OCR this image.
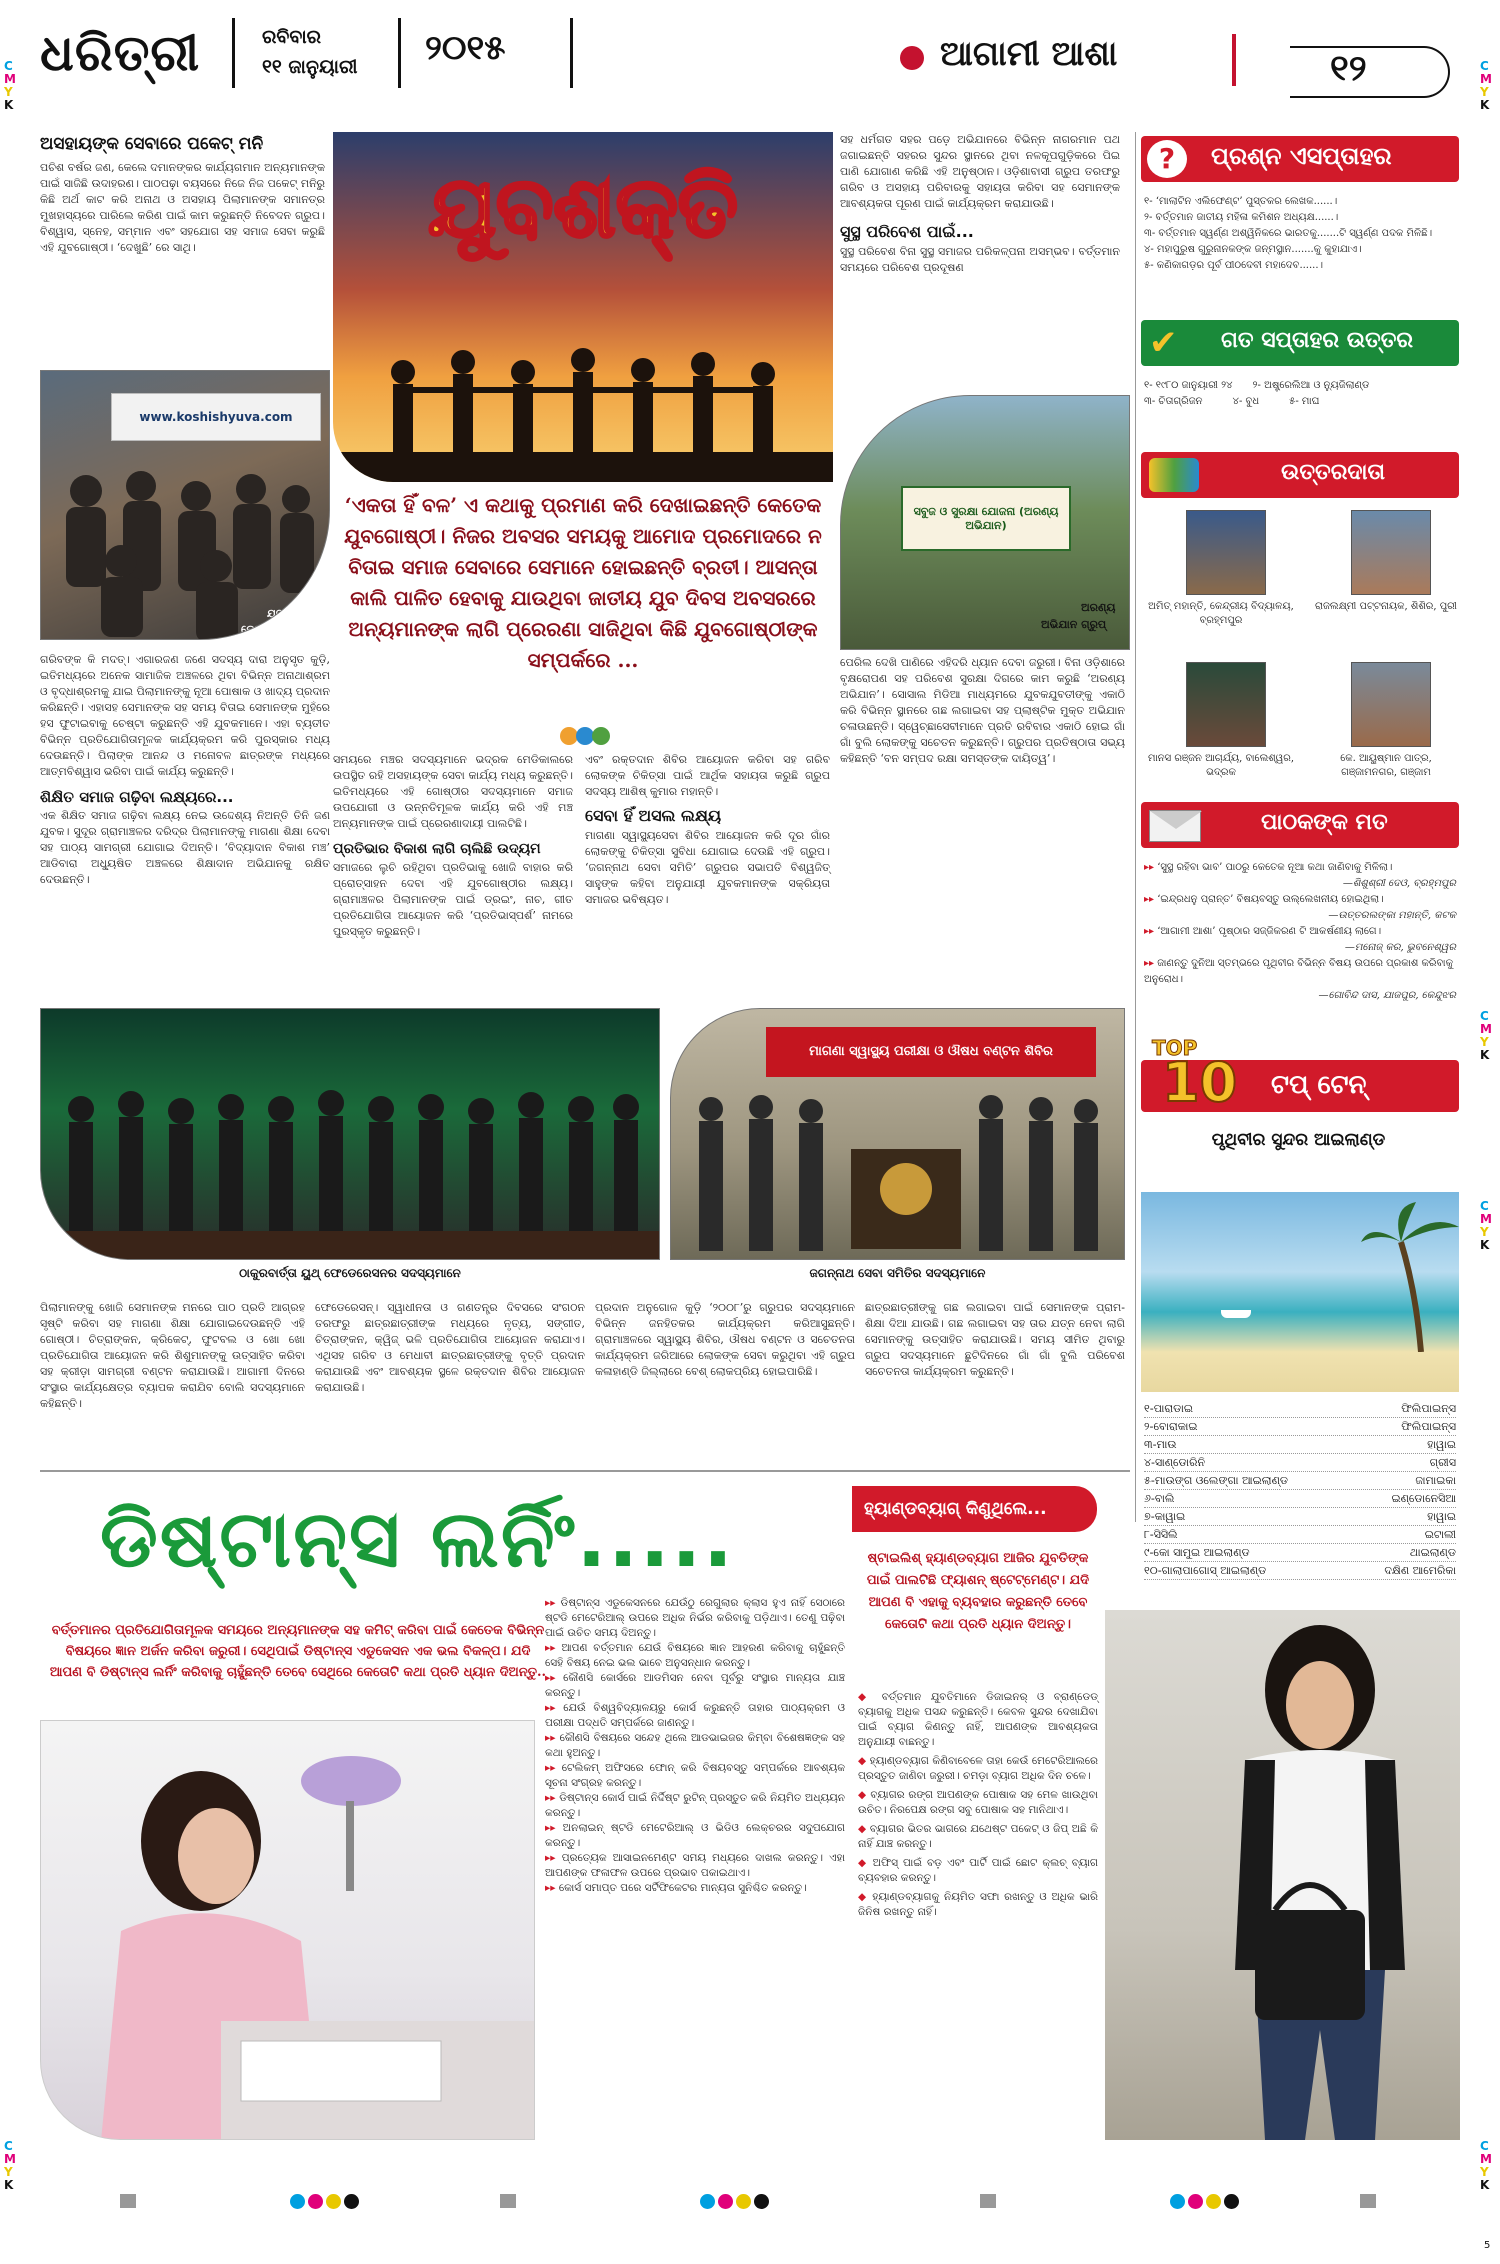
ଧରିତ୍ରୀ	ରବିବାର
୧୧ ଜାନୁୟାରୀ ୨୦୧୫	ଆଗାମୀ ଆଶା	୧୨
C
M
Y
K
C
M
Y
K
C
M
Y
K
C
M
Y
K
C
M
Y
K
C
M
Y
K
ଅସହାୟଙ୍କ ସେବାରେ ପକେଟ୍ ମନି
ପଚିଶ ବର୍ଷର ଜଣ, କେଲେ ଦମାନଙ୍କର କାର୍ଯ୍ୟଗମାନ ଅନ୍ୟମାନଙ୍କ ପାଇଁ ସାଜିଛି ଉଦାହରଣ। ପାଠପଢ଼ା ବୟସରେ ନିଜେ ନିଜ ପକେଟ୍ ମନିରୁ କିଛି ଅର୍ଥ କାଟ କରି ଅନାଥ ଓ ଅସହାୟ ପିଲାମାନଙ୍କ ସମାନତ୍ର ମୁଖହାସ୍ୟରେ ପାରିଲେ କରିଣ ପାଇଁ କାମ କରୁଛନ୍ତି ନିବେଦନ ଗ୍ରୁପ। ବିଶ୍ୱାସ, ସ୍ନେହ, ସମ୍ମାନ ଏବଂ ସହଯୋଗ ସହ ସମାଜ ସେବା କରୁଛି ଏହି ଯୁବଗୋଷ୍ଠୀ। ‘ଦେଖୁଛି’ ରେ ସାଥି।
www.koshishyuva.com
ଯୁବା
କୋଶିଶ୍ ଗ୍ରୁପ୍
ଯୁବଶକ୍ତି
‘ଏକତା ହିଁ ବଳ’ ଏ କଥାକୁ ପ୍ରମାଣ କରି ଦେଖାଇଛନ୍ତି କେତେକ ଯୁବଗୋଷ୍ଠୀ। ନିଜର ଅବସର ସମୟକୁ ଆମୋଦ ପ୍ରମୋଦରେ ନ ବିତାଇ ସମାଜ ସେବାରେ ସେମାନେ ହୋଇଛନ୍ତି ବ୍ରତୀ। ଆସନ୍ତା କାଲି ପାଳିତ ହେବାକୁ ଯାଉଥିବା ଜାତୀୟ ଯୁବ ଦିବସ ଅବସରରେ ଅନ୍ୟମାନଙ୍କ ଲାଗି ପ୍ରେରଣା ସାଜିଥିବା କିଛି ଯୁବଗୋଷ୍ଠୀଙ୍କ ସମ୍ପର୍କରେ ...
ସହ ଧର୍ମଗତ ସହର ପଡ଼େ ଅଭିଯାନରେ ବିଭିନ୍ନ ନାଗରମାନ ପଥ ଜଗାଇଛନ୍ତି ସହରର ସୁନ୍ଦର ସ୍ଥାନରେ ଥିବା ନଳକୂପଗୁଡ଼ିକରେ ପିଇ ପାଣି ଯୋଗାଣ କରିଛି ଏହି ଅନୁଷ୍ଠାନ। ଓଡ଼ିଶାବାସୀ ଗ୍ରୁପ ତରଫରୁ ଗରିବ ଓ ଅସହାୟ ପରିବାରକୁ ସହାୟତା କରିବା ସହ ସେମାନଙ୍କ ଆବଶ୍ୟକତା ପୂରଣ ପାଇଁ କାର୍ଯ୍ୟକ୍ରମ କରାଯାଉଛି।
ସୁସ୍ଥ ପରିବେଶ ପାଇଁ...
ସୁସ୍ଥ ପରିବେଶ ବିନା ସୁସ୍ଥ ସମାଜର ପରିକଳ୍ପନା ଅସମ୍ଭବ। ବର୍ତ୍ତମାନ ସମୟରେ ପରିବେଶ ପ୍ରଦୂଷଣ
ସବୁଜ ଓ ସୁରକ୍ଷା ଯୋଜନା (ଅରଣ୍ୟ ଅଭିଯାନ)
ଅରଣ୍ୟ
ଅଭିଯାନ ଗ୍ରୁପ୍
ଗରିବଙ୍କ କି ମଦତ୍। ଏଗାରଜଣ ଜଣେ ସଦସ୍ୟ ଦାରା ଅନୁସୃତ କୁଡ଼ି, ଇତିମଧ୍ୟରେ ଅନେକ ସାମାଜିକ ଅଞ୍ଚଳରେ ଥିବା ବିଭିନ୍ନ ଅନାଥାଶ୍ରମ ଓ ବୃଦ୍ଧାଶ୍ରମକୁ ଯାଇ ପିଲାମାନଙ୍କୁ ନୂଆ ପୋଷାକ ଓ ଖାଦ୍ୟ ପ୍ରଦାନ କରିଛନ୍ତି। ଏହାସହ ସେମାନଙ୍କ ସହ ସମୟ ବିତାଇ ସେମାନଙ୍କ ମୁହଁରେ ହସ ଫୁଟାଇବାକୁ ଚେଷ୍ଟା କରୁଛନ୍ତି ଏହି ଯୁବକମାନେ। ଏହା ବ୍ୟତୀତ ବିଭିନ୍ନ ପ୍ରତିଯୋଗିତାମୂଳକ କାର୍ଯ୍ୟକ୍ରମ କରି ପୁରସ୍କାର ମଧ୍ୟ ଦେଉଛନ୍ତି। ପିଲାଙ୍କ ଆନନ୍ଦ ଓ ମନୋବଳ ଛାତ୍ରଙ୍କ ମଧ୍ୟରେ ଆତ୍ମବିଶ୍ୱାସ ଭରିବା ପାଇଁ କାର୍ଯ୍ୟ କରୁଛନ୍ତି।
ଶିକ୍ଷିତ ସମାଜ ଗଢ଼ିବା ଲକ୍ଷ୍ୟରେ...
ଏକ ଶିକ୍ଷିତ ସମାଜ ଗଢ଼ିବା ଲକ୍ଷ୍ୟ ନେଇ ଉଦ୍ଦେଶ୍ୟ ନିଅନ୍ତି ତିନି ଜଣ ଯୁବକ। ସୁଦୂର ଗ୍ରାମାଞ୍ଚଳର ଦରିଦ୍ର ପିଲାମାନଙ୍କୁ ମାଗଣା ଶିକ୍ଷା ଦେବା ସହ ପାଠ୍ୟ ସାମଗ୍ରୀ ଯୋଗାଇ ଦିଅନ୍ତି। ‘ବିଦ୍ୟାଦାନ ବିକାଶ ମଞ୍ଚ’ ଆଡିବାରା ଅଧ୍ୟୁଷିତ ଅଞ୍ଚଳରେ ଶିକ୍ଷାଦାନ ଅଭିଯାନକୁ ରକ୍ଷିତ ଦେଉଛନ୍ତି।
ସମୟରେ ମଞ୍ଚର ସଦସ୍ୟମାନେ ଭଦ୍ରକ ମେଡିକାଲରେ ଉପସ୍ଥିତ ରହି ଅସହାୟଙ୍କ ସେବା କାର୍ଯ୍ୟ ମଧ୍ୟ କରୁଛନ୍ତି। ଇତିମଧ୍ୟରେ ଏହି ଗୋଷ୍ଠୀର ସଦସ୍ୟମାନେ ସମାଜ ଉପଯୋଗୀ ଓ ଉନ୍ନତିମୂଳକ କାର୍ଯ୍ୟ କରି ଏହି ମଞ୍ଚ ଅନ୍ୟମାନଙ୍କ ପାଇଁ ପ୍ରେରଣାଦାୟୀ ପାଲଟିଛି।
ପ୍ରତିଭାର ବିକାଶ ଲାଗି ଚାଲିଛି ଉଦ୍ୟମ
ସମାଜରେ ଲୁଚି ରହିଥିବା ପ୍ରତିଭାକୁ ଖୋଜି ବାହାର କରି ପ୍ରୋତ୍ସାହନ ଦେବା ଏହି ଯୁବଗୋଷ୍ଠୀର ଲକ୍ଷ୍ୟ। ଗ୍ରାମାଞ୍ଚଳର ପିଲାମାନଙ୍କ ପାଇଁ ଡ୍ରଇଂ, ନାଚ, ଗୀତ ପ୍ରତିଯୋଗିତା ଆୟୋଜନ କରି ‘ପ୍ରତିଭାସ୍ପର୍ଶ’ ନାମରେ ପୁରସ୍କୃତ କରୁଛନ୍ତି।
ଏବଂ ରକ୍ତଦାନ ଶିବିର ଆୟୋଜନ କରିବା ସହ ଗରିବ ଲୋକଙ୍କ ଚିକିତ୍ସା ପାଇଁ ଆର୍ଥିକ ସହାୟତା କରୁଛି ଗ୍ରୁପ ସଦସ୍ୟ ଆଶିଷ୍ କୁମାର ମହାନ୍ତି।
ସେବା ହିଁ ଅସଲ ଲକ୍ଷ୍ୟ
ମାଗଣା ସ୍ୱାସ୍ଥ୍ୟସେବା ଶିବିର ଆୟୋଜନ କରି ଦୂର ଗାଁର ଲୋକଙ୍କୁ ଚିକିତ୍ସା ସୁବିଧା ଯୋଗାଇ ଦେଉଛି ଏହି ଗ୍ରୁପ। ‘ଜଗନ୍ନାଥ ସେବା ସମିତି’ ଗ୍ରୁପର ସଭାପତି ବିଶ୍ୱଜିତ୍ ସାହୁଙ୍କ କହିବା ଅନୁଯାୟୀ ଯୁବକମାନଙ୍କ ସକ୍ରିୟତା ସମାଜର ଭବିଷ୍ୟତ।
ପେରିଲ ଦେଖି ପାଣିରେ ଏହିଦରି ଧ୍ୟାନ ଦେବା ଜରୁରୀ। ବିନା ଓଡ଼ିଶାରେ ବୃକ୍ଷରୋପଣ ସହ ପରିବେଶ ସୁରକ୍ଷା ଦିଗରେ କାମ କରୁଛି ‘ଅରଣ୍ୟ ଅଭିଯାନ’। ସୋସାଲ ମିଡିଆ ମାଧ୍ୟମରେ ଯୁବକଯୁବତୀଙ୍କୁ ଏକାଠି କରି ବିଭିନ୍ନ ସ୍ଥାନରେ ଗଛ ଲଗାଇବା ସହ ପ୍ଲାଷ୍ଟିକ ମୁକ୍ତ ଅଭିଯାନ ଚଳାଉଛନ୍ତି। ସ୍ୱେଚ୍ଛାସେବୀମାନେ ପ୍ରତି ରବିବାର ଏକାଠି ହୋଇ ଗାଁ ଗାଁ ବୁଲି ଲୋକଙ୍କୁ ସଚେତନ କରୁଛନ୍ତି। ଗ୍ରୁପର ପ୍ରତିଷ୍ଠାତା ସଭ୍ୟ କହିଛନ୍ତି ‘ବନ ସମ୍ପଦ ରକ୍ଷା ସମସ୍ତଙ୍କ ଦାୟିତ୍ୱ’।
ଠାକୁରବାର୍ତ୍ତା ୟୁଥ୍ ଫେଡେରେସନର ସଦସ୍ୟମାନେ
ମାଗଣା ସ୍ୱାସ୍ଥ୍ୟ ପରୀକ୍ଷା ଓ ଔଷଧ ବଣ୍ଟନ ଶିବିର
ଜଗନ୍ନାଥ ସେବା ସମିତିର ସଦସ୍ୟମାନେ
ପିଲାମାନଙ୍କୁ ଖୋଜି ସେମାନଙ୍କ ମନରେ ପାଠ ପ୍ରତି ଆଗ୍ରହ ସୃଷ୍ଟି କରିବା ସହ ମାଗଣା ଶିକ୍ଷା ଯୋଗାଇଦେଉଛନ୍ତି ଏହି ଗୋଷ୍ଠୀ। ଚିତ୍ରାଙ୍କନ, କ୍ରିକେଟ୍, ଫୁଟବଲ ଓ ଖୋ ଖୋ ପ୍ରତିଯୋଗିତା ଆୟୋଜନ କରି ଶିଶୁମାନଙ୍କୁ ଉତ୍ସାହିତ କରିବା ସହ କ୍ରୀଡ଼ା ସାମଗ୍ରୀ ବଣ୍ଟନ କରାଯାଉଛି। ଆଗାମୀ ଦିନରେ ସଂସ୍ଥାର କାର୍ଯ୍ୟକ୍ଷେତ୍ର ବ୍ୟାପକ କରାଯିବ ବୋଲି ସଦସ୍ୟମାନେ କହିଛନ୍ତି।
ଫେଡେରେସନ୍। ସ୍ୱାଧୀନତା ଓ ଗଣତନ୍ତ୍ର ଦିବସରେ ସଂଗଠନ ତରଫରୁ ଛାତ୍ରଛାତ୍ରୀଙ୍କ ମଧ୍ୟରେ ନୃତ୍ୟ, ସଙ୍ଗୀତ, ଚିତ୍ରାଙ୍କନ, କ୍ୱିଜ୍ ଭଳି ପ୍ରତିଯୋଗିତା ଆୟୋଜନ କରାଯାଏ। ଏଥିସହ ଗରିବ ଓ ମେଧାବୀ ଛାତ୍ରଛାତ୍ରୀଙ୍କୁ ବୃତ୍ତି ପ୍ରଦାନ କରାଯାଉଛି ଏବଂ ଆବଶ୍ୟକ ସ୍ଥଳେ ରକ୍ତଦାନ ଶିବିର ଆୟୋଜନ କରାଯାଉଛି।
ପ୍ରଦାନ ଅନୁଗୋଳ କୁଡ଼ି ‘୨୦୦୮’ରୁ ଗ୍ରୁପର ସଦସ୍ୟମାନେ ବିଭିନ୍ନ ଜନହିତକର କାର୍ଯ୍ୟକ୍ରମ କରିଆସୁଛନ୍ତି। ଗ୍ରାମାଞ୍ଚଳରେ ସ୍ୱାସ୍ଥ୍ୟ ଶିବିର, ଔଷଧ ବଣ୍ଟନ ଓ ସଚେତନତା କାର୍ଯ୍ୟକ୍ରମ ଜରିଆରେ ଲୋକଙ୍କ ସେବା କରୁଥିବା ଏହି ଗ୍ରୁପ କଳାହାଣ୍ଡି ଜିଲ୍ଲାରେ ବେଶ୍ ଲୋକପ୍ରିୟ ହୋଇପାରିଛି।
ଛାତ୍ରଛାତ୍ରୀଙ୍କୁ ଗଛ ଲଗାଇବା ପାଇଁ ସେମାନଙ୍କ ପ୍ରାମ-ଶିକ୍ଷା ଦିଆ ଯାଉଛି। ଗଛ ଲଗାଇବା ସହ ତାର ଯତ୍ନ ନେବା ଲାଗି ସେମାନଙ୍କୁ ଉତ୍ସାହିତ କରାଯାଉଛି। ସମୟ ସୀମିତ ଥିବାରୁ ଗ୍ରୁପ ସଦସ୍ୟମାନେ ଛୁଟିଦିନରେ ଗାଁ ଗାଁ ବୁଲି ପରିବେଶ ସଚେତନତା କାର୍ଯ୍ୟକ୍ରମ କରୁଛନ୍ତି।
?	ପ୍ରଶ୍ନ ଏସପ୍ତାହର
୧- ‘ମାଲାଟିନ ଏଲିଫେଣ୍ଟ’ ପୁସ୍ତକର ଲେଖକ......।
୨- ବର୍ତ୍ତମାନ ଜାତୀୟ ମହିଳା କମିଶନ ଅଧ୍ୟକ୍ଷ......।
୩- ବର୍ତ୍ତମାନ ସ୍ୱର୍ଣ୍ଣ ଅଶ୍ୱିନିକରେ ଭାରତକୁ.......ଟି ସ୍ୱର୍ଣ୍ଣ ପଦକ ମିଳିଛି।
୪- ମହାପୁରୁଷ ଗୁରୁନାନକଙ୍କ ଜନ୍ମସ୍ଥାନ.......କୁ କୁହାଯାଏ।
୫- କଣିକାଗଡ଼ର ପୂର୍ବ ପୀଠଦେବୀ ମହାଦେବ......।
✔ ଗତ ସପ୍ତାହର ଉତ୍ତର
୧- ୧୯୮୦ ଜାନୁୟାରୀ ୨୪ ୨- ଅଷ୍ଟ୍ରେଲିଆ ଓ ନ୍ୟୁଜିଲାଣ୍ଡ
୩- ଚିତାଗ୍ରିଜନ	୪- ବୁଧ	୫- ମାଘ
ଉତ୍ତରଦାତା
ଅମିତ୍ ମହାନ୍ତି, କେନ୍ଦ୍ରୀୟ ବିଦ୍ୟାଳୟ, ବ୍ରହ୍ମପୁର
ରାଜଲକ୍ଷ୍ମୀ ପଟ୍ଟନାୟକ, ଶିଶିର, ପୁରୀ
ମାନସ ରଞ୍ଜନ ଆଚାର୍ଯ୍ୟ, ବାଲେଶ୍ୱର, ଭଦ୍ରକ
କେ. ଆୟୁଷ୍ମାନ ପାତ୍ର, ଗଞ୍ଜାମନଗର, ଗଞ୍ଜାମ
ପାଠକଙ୍କ ମତ
▸▸ ‘ସୁସ୍ଥ ରହିବା ଭାବ’ ପାଠରୁ କେତେକ ନୂଆ କଥା ଜାଣିବାକୁ ମିଳିଲା।
—ଶିଶୁଶ୍ରୀ ଦେଓ, ବ୍ରହ୍ମପୁର
▸▸ ‘ଇନ୍ଦ୍ରଧନୁ ପ୍ରାନ୍ତ’ ବିଷୟବସ୍ତୁ ଉଲ୍ଲେଖନୀୟ ହୋଇଥିଲା।
—ଉତ୍ତରଲଙ୍କା ମହାନ୍ତି, କଟକ
▸▸ ‘ଆଗାମୀ ଆଶା’ ପୃଷ୍ଠାର ସଜ୍ଜିକରଣ ଟି ଆକର୍ଷଣୀୟ ଲାଗେ।
—ମନୋଜ୍ କର, ଭୁବନେଶ୍ୱର
▸▸ ଜାଣନ୍ତୁ ଦୁନିଆ ସ୍ତମ୍ଭରେ ପୃଥିବୀର ବିଭିନ୍ନ ବିଷୟ ଉପରେ ପ୍ରକାଶ କରିବାକୁ ଅନୁରୋଧ।
—ଗୋବିନ୍ଦ ଦାସ, ଯାଜପୁର, କେନ୍ଦୁଝର
ଟପ୍ ଟେନ୍
TOP
10
ପୃଥିବୀର ସୁନ୍ଦର ଆଇଲାଣ୍ଡ
୧-ପାରାଡାଇ	ଫିଲିପାଇନ୍ସ
୨-ବୋରାକାଇ	ଫିଲିପାଇନ୍ସ
୩-ମାଉ	ହାୱାଇ
୪-ସାଣ୍ଡୋରିନି	ଗ୍ରୀସ
୫-ମାଉଙ୍ଗ ଓଲେଙ୍ଗା ଆଇଲାଣ୍ଡ	ଜାମାଇକା
୬-ବାଲି	ଇଣ୍ଡୋନେସିଆ
୭-କାୱାଇ	ହାୱାଇ
୮-ସିସିଲି	ଇଟାଲୀ
୯-କୋ ସାମୁଇ ଆଇଲାଣ୍ଡ	ଥାଇଲାଣ୍ଡ
୧୦-ଗାଲାପାଗୋସ୍ ଆଇଲାଣ୍ଡ	ଦକ୍ଷିଣ ଆମେରିକା
ଡିଷ୍ଟାନ୍ସ ଲର୍ନିଂ.....
ବର୍ତ୍ତମାନର ପ୍ରତିଯୋଗିତାମୂଳକ ସମୟରେ ଅନ୍ୟମାନଙ୍କ ସହ କମିଟ୍ କରିବା ପାଇଁ କେତେକ ବିଭିନ୍ନ ବିଷୟରେ ଜ୍ଞାନ ଅର୍ଜନ କରିବା ଜରୁରୀ। ସେଥିପାଇଁ ଡିଷ୍ଟାନ୍ସ ଏଡୁକେସନ ଏକ ଭଲ ବିକଳ୍ପ। ଯଦି ଆପଣ ବି ଡିଷ୍ଟାନ୍ସ ଲର୍ନିଂ କରିବାକୁ ଚାହୁଁଛନ୍ତି ତେବେ ସେଥିରେ କେତୋଟି କଥା ପ୍ରତି ଧ୍ୟାନ ଦିଅନ୍ତୁ..
▸▸ ଡିଷ୍ଟାନ୍ସ ଏଡୁକେସନରେ ଯେଉଁଠୁ ରେଗୁଲାର କ୍ଲାସ ହୁଏ ନାହିଁ ସେଠାରେ ଷ୍ଟଡି ମେଟେରିଆଲ୍ ଉପରେ ଅଧିକ ନିର୍ଭର କରିବାକୁ ପଡ଼ିଥାଏ। ତେଣୁ ପଢ଼ିବା ପାଇଁ ଉଚିତ ସମୟ ଦିଅନ୍ତୁ।
▸▸ ଆପଣ ବର୍ତ୍ତମାନ ଯେଉଁ ବିଷୟରେ ଜ୍ଞାନ ଆହରଣ କରିବାକୁ ଚାହୁଁଛନ୍ତି ସେହି ବିଷୟ ନେଇ ଭଲ ଭାବେ ଅନୁସନ୍ଧାନ କରନ୍ତୁ।
▸▸ କୌଣସି କୋର୍ସରେ ଆଡମିସନ ନେବା ପୂର୍ବରୁ ସଂସ୍ଥାର ମାନ୍ୟତା ଯାଞ୍ଚ କରନ୍ତୁ।
▸▸ ଯେଉଁ ବିଶ୍ୱବିଦ୍ୟାଳୟରୁ କୋର୍ସ କରୁଛନ୍ତି ତାହାର ପାଠ୍ୟକ୍ରମ ଓ ପରୀକ୍ଷା ପଦ୍ଧତି ସମ୍ପର୍କରେ ଜାଣନ୍ତୁ।
▸▸ କୌଣସି ବିଷୟରେ ସନ୍ଦେହ ଥିଲେ ଆଡଭାଇଜର କିମ୍ବା ବିଶେଷଜ୍ଞଙ୍କ ସହ କଥା ହୁଅନ୍ତୁ।
▸▸ ଟେଲିକମ୍ ଅଫିସରେ ଫୋନ୍ କରି ବିଷୟବସ୍ତୁ ସମ୍ପର୍କରେ ଆବଶ୍ୟକ ସୂଚନା ସଂଗ୍ରହ କରନ୍ତୁ।
▸▸ ଡିଷ୍ଟାନ୍ସ କୋର୍ସ ପାଇଁ ନିର୍ଦ୍ଦିଷ୍ଟ ରୁଟିନ୍ ପ୍ରସ୍ତୁତ କରି ନିୟମିତ ଅଧ୍ୟୟନ କରନ୍ତୁ।
▸▸ ଅନଲାଇନ୍ ଷ୍ଟଡି ମେଟେରିଆଲ୍ ଓ ଭିଡିଓ ଲେକ୍ଚରର ସଦୁପଯୋଗ କରନ୍ତୁ।
▸▸ ପ୍ରତ୍ୟେକ ଆସାଇନମେଣ୍ଟ ସମୟ ମଧ୍ୟରେ ଦାଖଲ କରନ୍ତୁ। ଏହା ଆପଣଙ୍କ ଫଳାଫଳ ଉପରେ ପ୍ରଭାବ ପକାଇଥାଏ।
▸▸ କୋର୍ସ ସମାପ୍ତ ପରେ ସର୍ଟିଫିକେଟର ମାନ୍ୟତା ସୁନିଶ୍ଚିତ କରନ୍ତୁ।
ହ୍ୟାଣ୍ଡବ୍ୟାଗ୍ କିଣୁଥିଲେ...
ଷ୍ଟାଇଲିଶ୍ ହ୍ୟାଣ୍ଡବ୍ୟାଗ ଆଜିର ଯୁବତିଙ୍କ ପାଇଁ ପାଲଟିଛି ଫ୍ୟାଶନ୍ ଷ୍ଟେଟ୍ମେଣ୍ଟ। ଯଦି ଆପଣ ବି ଏହାକୁ ବ୍ୟବହାର କରୁଛନ୍ତି ତେବେ କେତୋଟି କଥା ପ୍ରତି ଧ୍ୟାନ ଦିଅନ୍ତୁ।
◆ ବର୍ତ୍ତମାନ ଯୁବତିମାନେ ଡିଜାଇନର୍ ଓ ବ୍ରାଣ୍ଡେଡ୍ ବ୍ୟାଗକୁ ଅଧିକ ପସନ୍ଦ କରୁଛନ୍ତି। କେବଳ ସୁନ୍ଦର ଦେଖାଯିବା ପାଇଁ ବ୍ୟାଗ କିଣନ୍ତୁ ନାହିଁ, ଆପଣଙ୍କ ଆବଶ୍ୟକତା ଅନୁଯାୟୀ ବାଛନ୍ତୁ।
◆ ହ୍ୟାଣ୍ଡବ୍ୟାଗ କିଣିବାବେଳେ ତାହା କେଉଁ ମେଟେରିଆଲରେ ପ୍ରସ୍ତୁତ ଜାଣିବା ଜରୁରୀ। ଚମଡ଼ା ବ୍ୟାଗ ଅଧିକ ଦିନ ଚଳେ।
◆ ବ୍ୟାଗର ରଙ୍ଗ ଆପଣଙ୍କ ପୋଷାକ ସହ ମେଳ ଖାଉଥିବା ଉଚିତ। ନିରପେକ୍ଷ ରଙ୍ଗ ସବୁ ପୋଷାକ ସହ ମାନିଥାଏ।
◆ ବ୍ୟାଗର ଭିତର ଭାଗରେ ଯଥେଷ୍ଟ ପକେଟ୍ ଓ ଜିପ୍ ଅଛି କି ନାହିଁ ଯାଞ୍ଚ କରନ୍ତୁ।
◆ ଅଫିସ୍ ପାଇଁ ବଡ଼ ଏବଂ ପାର୍ଟି ପାଇଁ ଛୋଟ କ୍ଲଚ୍ ବ୍ୟାଗ ବ୍ୟବହାର କରନ୍ତୁ।
◆ ହ୍ୟାଣ୍ଡବ୍ୟାଗକୁ ନିୟମିତ ସଫା ରଖନ୍ତୁ ଓ ଅଧିକ ଭାରି ଜିନିଷ ରଖନ୍ତୁ ନାହିଁ।
5
